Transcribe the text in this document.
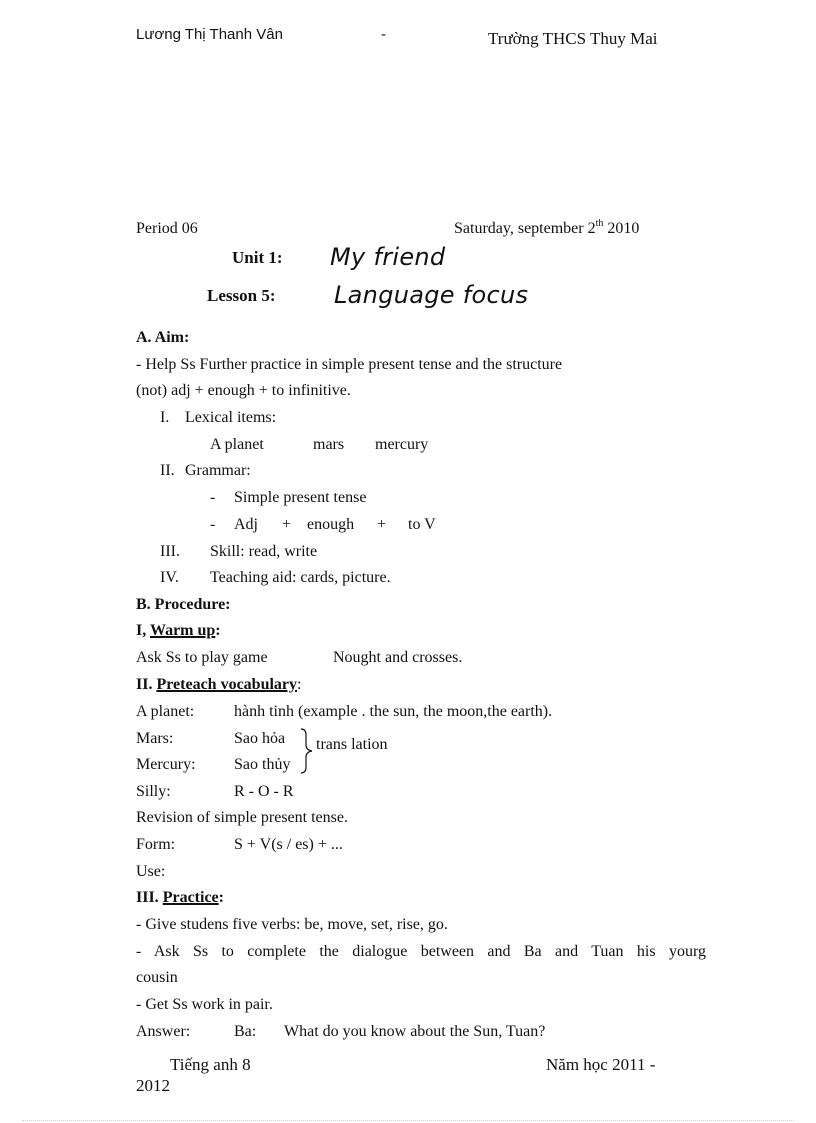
Lương Thị Thanh Vân	-	Trường THCS Thuy Mai
Period 06	Saturday, september 2th 2010
Unit 1: My friend
Lesson 5: Language focus
A. Aim:
- Help Ss Further practice in simple present tense and the structure
(not) adj + enough + to infinitive.
I. Lexical items:
A planet	mars mercury
II. Grammar:
- Simple present tense
- Adj + enough + to V
III. Skill: read, write
IV. Teaching aid: cards, picture.
B. Procedure:
I, Warm up:
Ask Ss to play game	Nought and crosses.
II. Preteach vocabulary:
A planet: hành tinh (example . the sun, the moon,the earth).
Mars:	Sao hỏa
Mercury: Sao thủy
trans lation
Silly:	R - O - R
Revision of simple present tense.
Form:	S + V(s / es) + ...
Use:
III. Practice:
- Give studens five verbs: be, move, set, rise, go.
- Ask Ss to complete the dialogue between and Ba and Tuan his yourg
cousin
- Get Ss work in pair.
Answer:	Ba: What do you know about the Sun, Tuan?
Tiếng anh 8	Năm học 2011 -
2012
